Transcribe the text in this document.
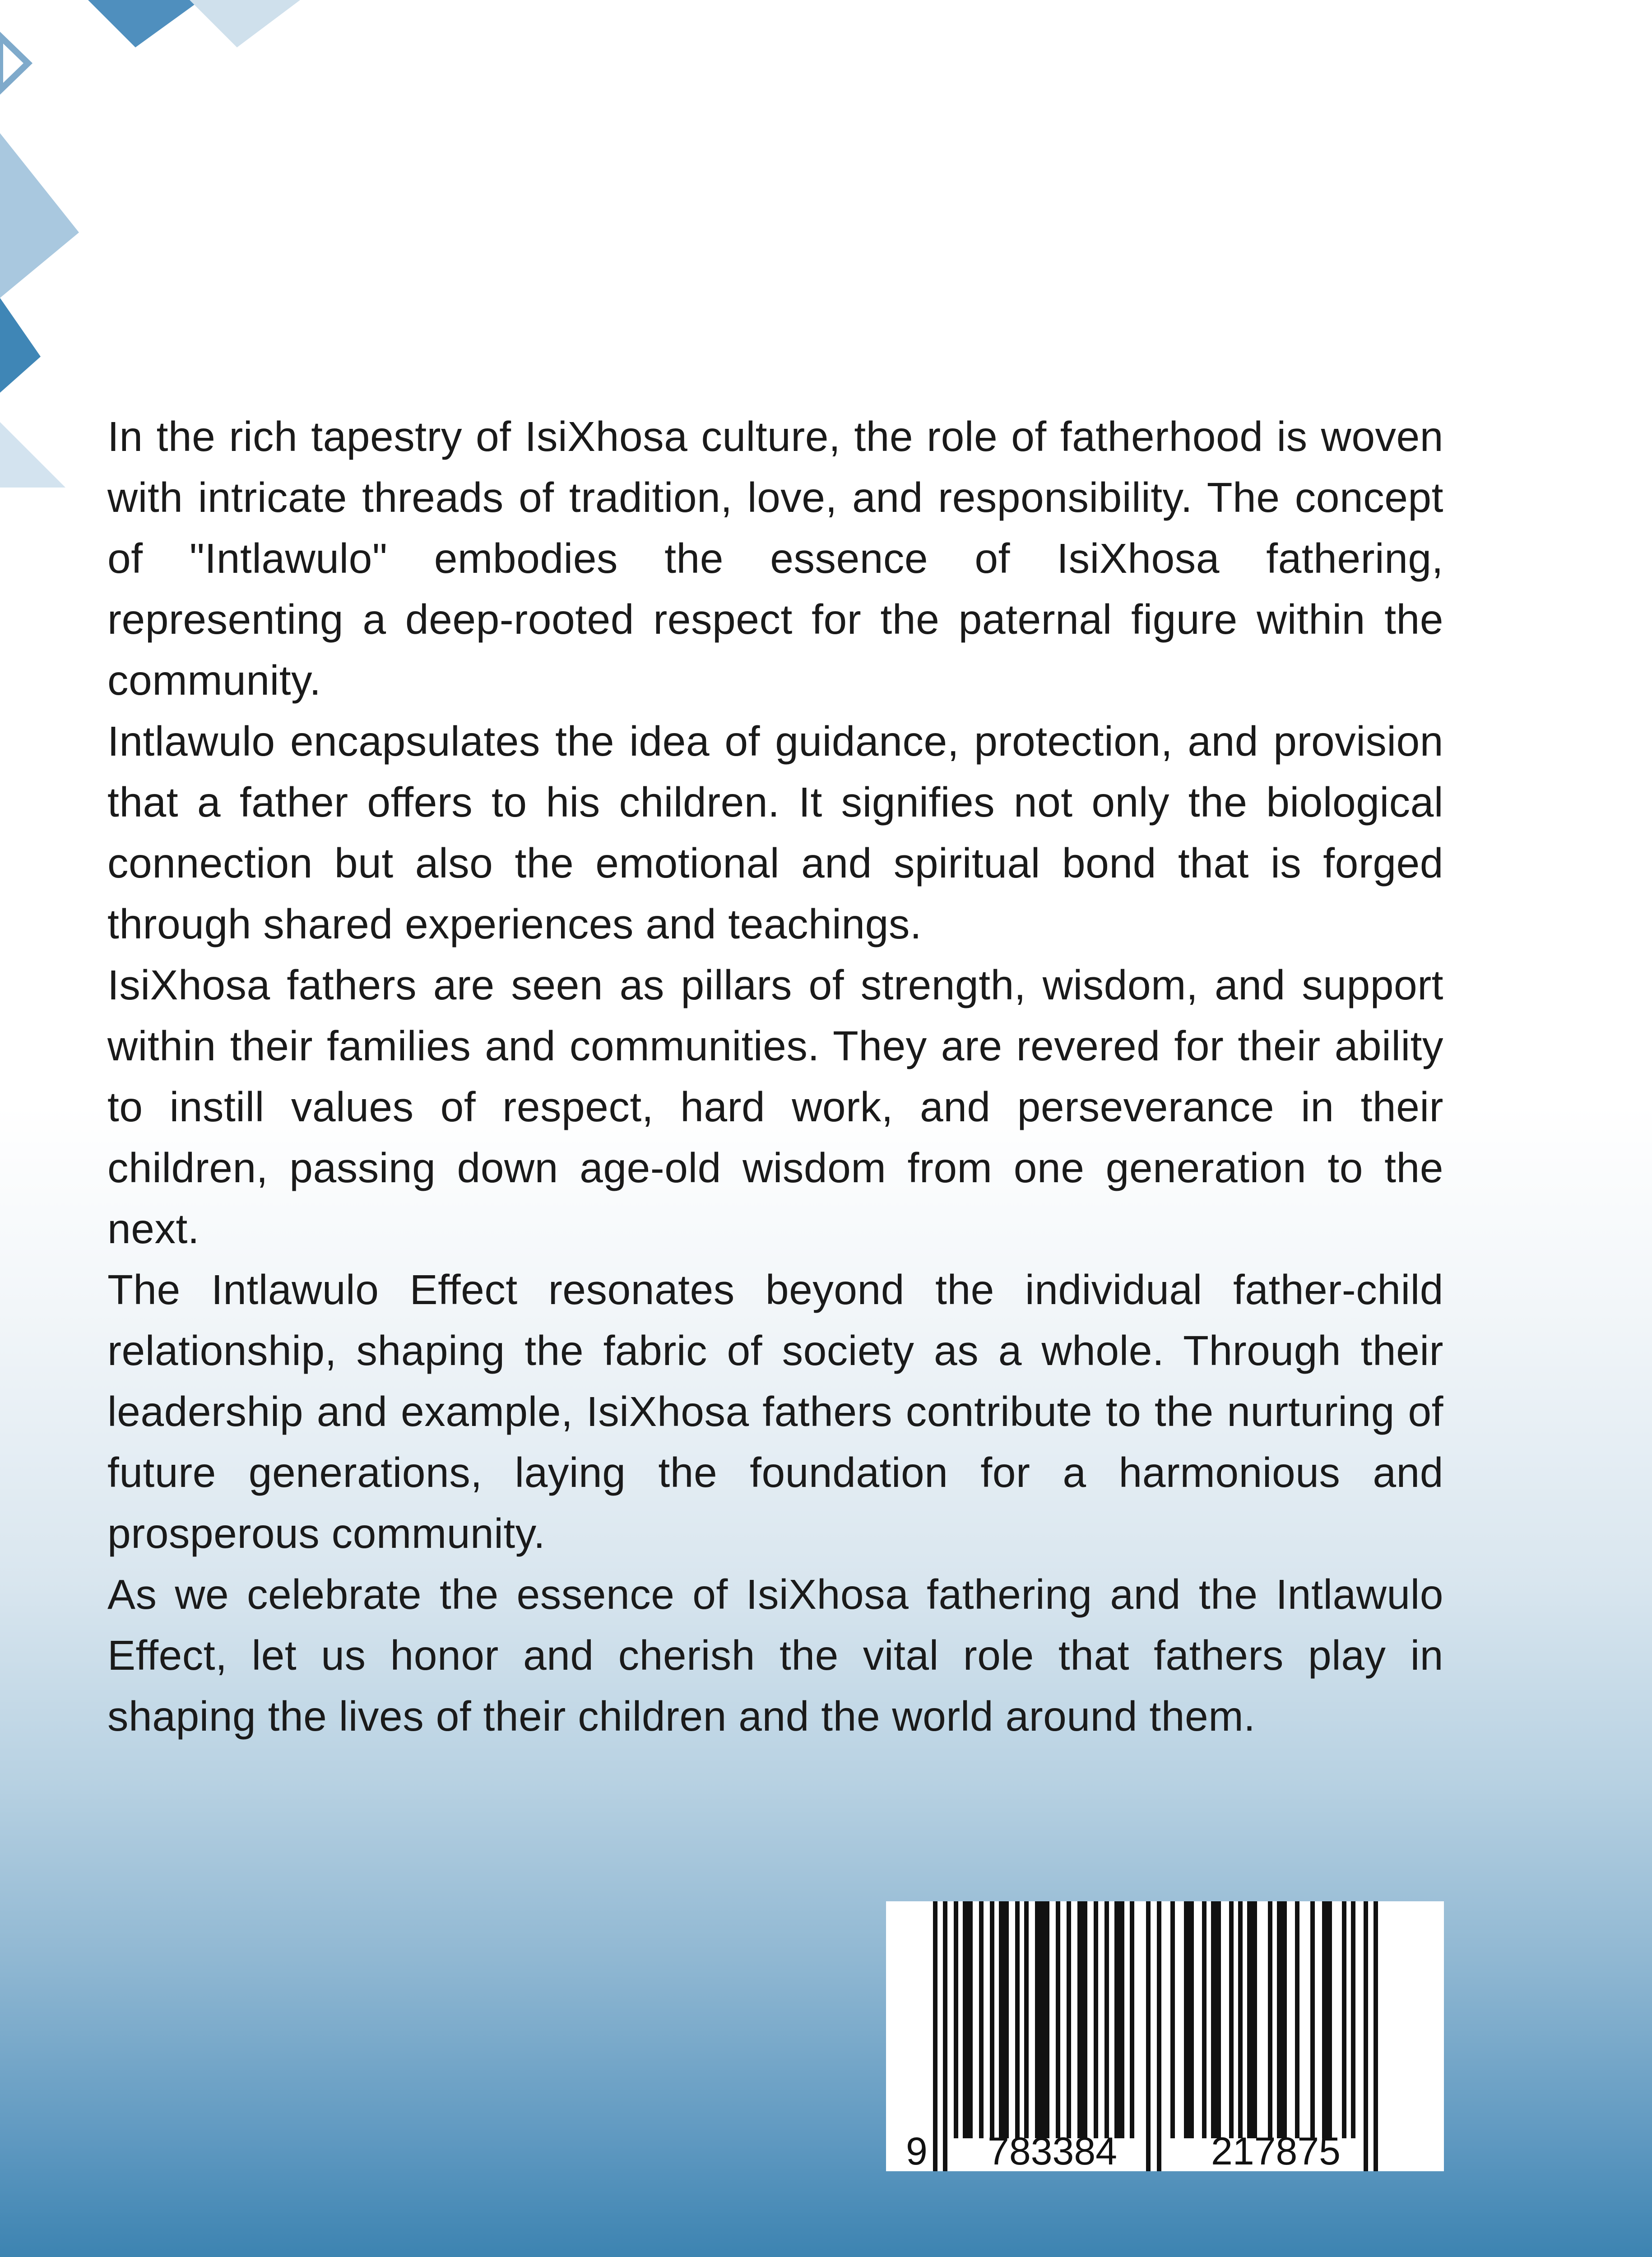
In the rich tapestry of IsiXhosa culture, the role of fatherhood is woven with intricate threads of tradition, love, and responsibility. The concept of "Intlawulo" embodies the essence of IsiXhosa fathering, representing a deep-rooted respect for the paternal figure within the community.

Intlawulo encapsulates the idea of guidance, protection, and provision that a father offers to his children. It signifies not only the biological connection but also the emotional and spiritual bond that is forged through shared experiences and teachings.

IsiXhosa fathers are seen as pillars of strength, wisdom, and support within their families and communities. They are revered for their ability to instill values of respect, hard work, and perseverance in their children, passing down age-old wisdom from one generation to the next.

The Intlawulo Effect resonates beyond the individual father-child relationship, shaping the fabric of society as a whole. Through their leadership and example, IsiXhosa fathers contribute to the nurturing of future generations, laying the foundation for a harmonious and prosperous community.

As we celebrate the essence of IsiXhosa fathering and the Intlawulo Effect, let us honor and cherish the vital role that fathers play in shaping the lives of their children and the world around them.

9 783384 217875
